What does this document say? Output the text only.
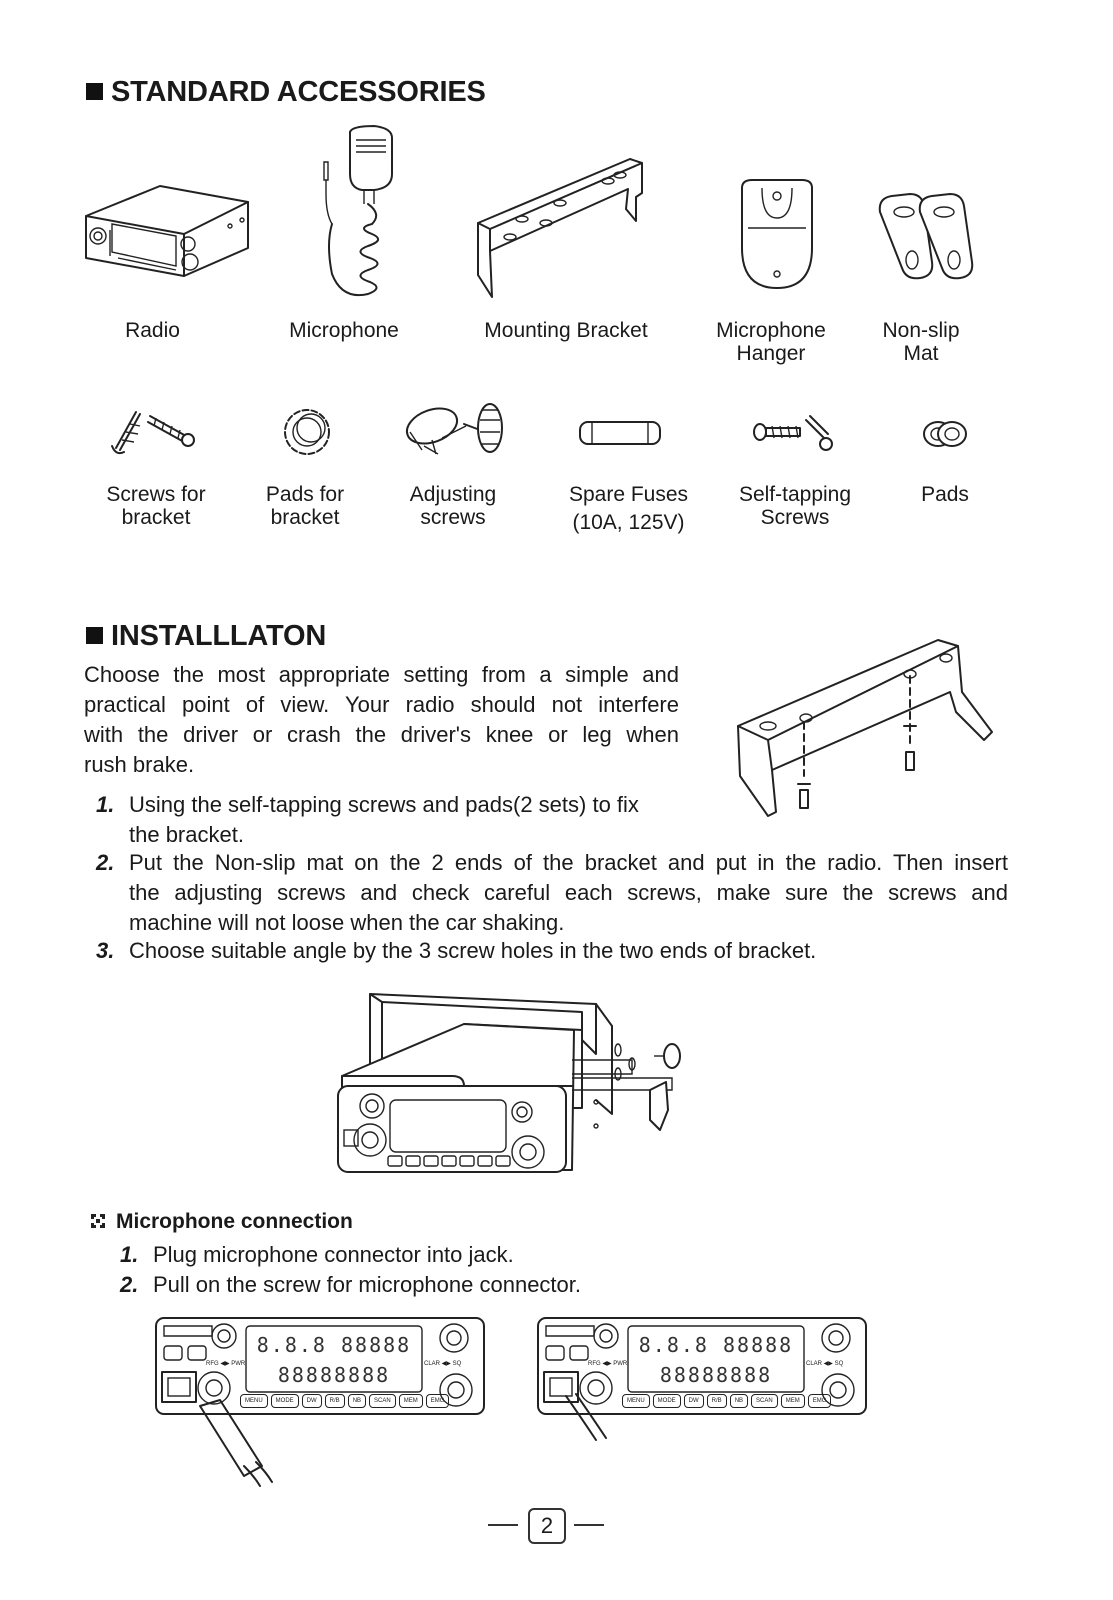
STANDARD ACCESSORIES
Radio	Microphone	Mounting Bracket	Microphone
Hanger
Non-slip
Mat
Screws for
bracket
Pads for
bracket
Adjusting
screws
Spare Fuses
(10A, 125V)
Self-tapping
Screws
Pads
INSTALLLATON
Choose the most appropriate setting from a simple and
practical point of view. Your radio should not interfere
with the driver or crash the driver's knee or leg when
rush brake.
1. Using the self-tapping screws and pads(2 sets) to fix
the bracket.
2. Put the Non-slip mat on the 2 ends of the bracket and put in the radio. Then insert
the adjusting screws and check careful each screws, make sure the screws and
machine will not loose when the car shaking.
3. Choose suitable angle by the 3 screw holes in the two ends of bracket.
Microphone connection
1. Plug microphone connector into jack.
2. Pull on the screw for microphone connector.
8.8.8 88888
88888888
RFG ◀▶ PWR	CLAR ◀▶ SQ
MENU	MODE	DW	R/B	NB	SCAN	MEM	EMG
8.8.8 88888
88888888
RFG ◀▶ PWR	CLAR ◀▶ SQ
MENU	MODE	DW	R/B	NB	SCAN	MEM	EMG
2
